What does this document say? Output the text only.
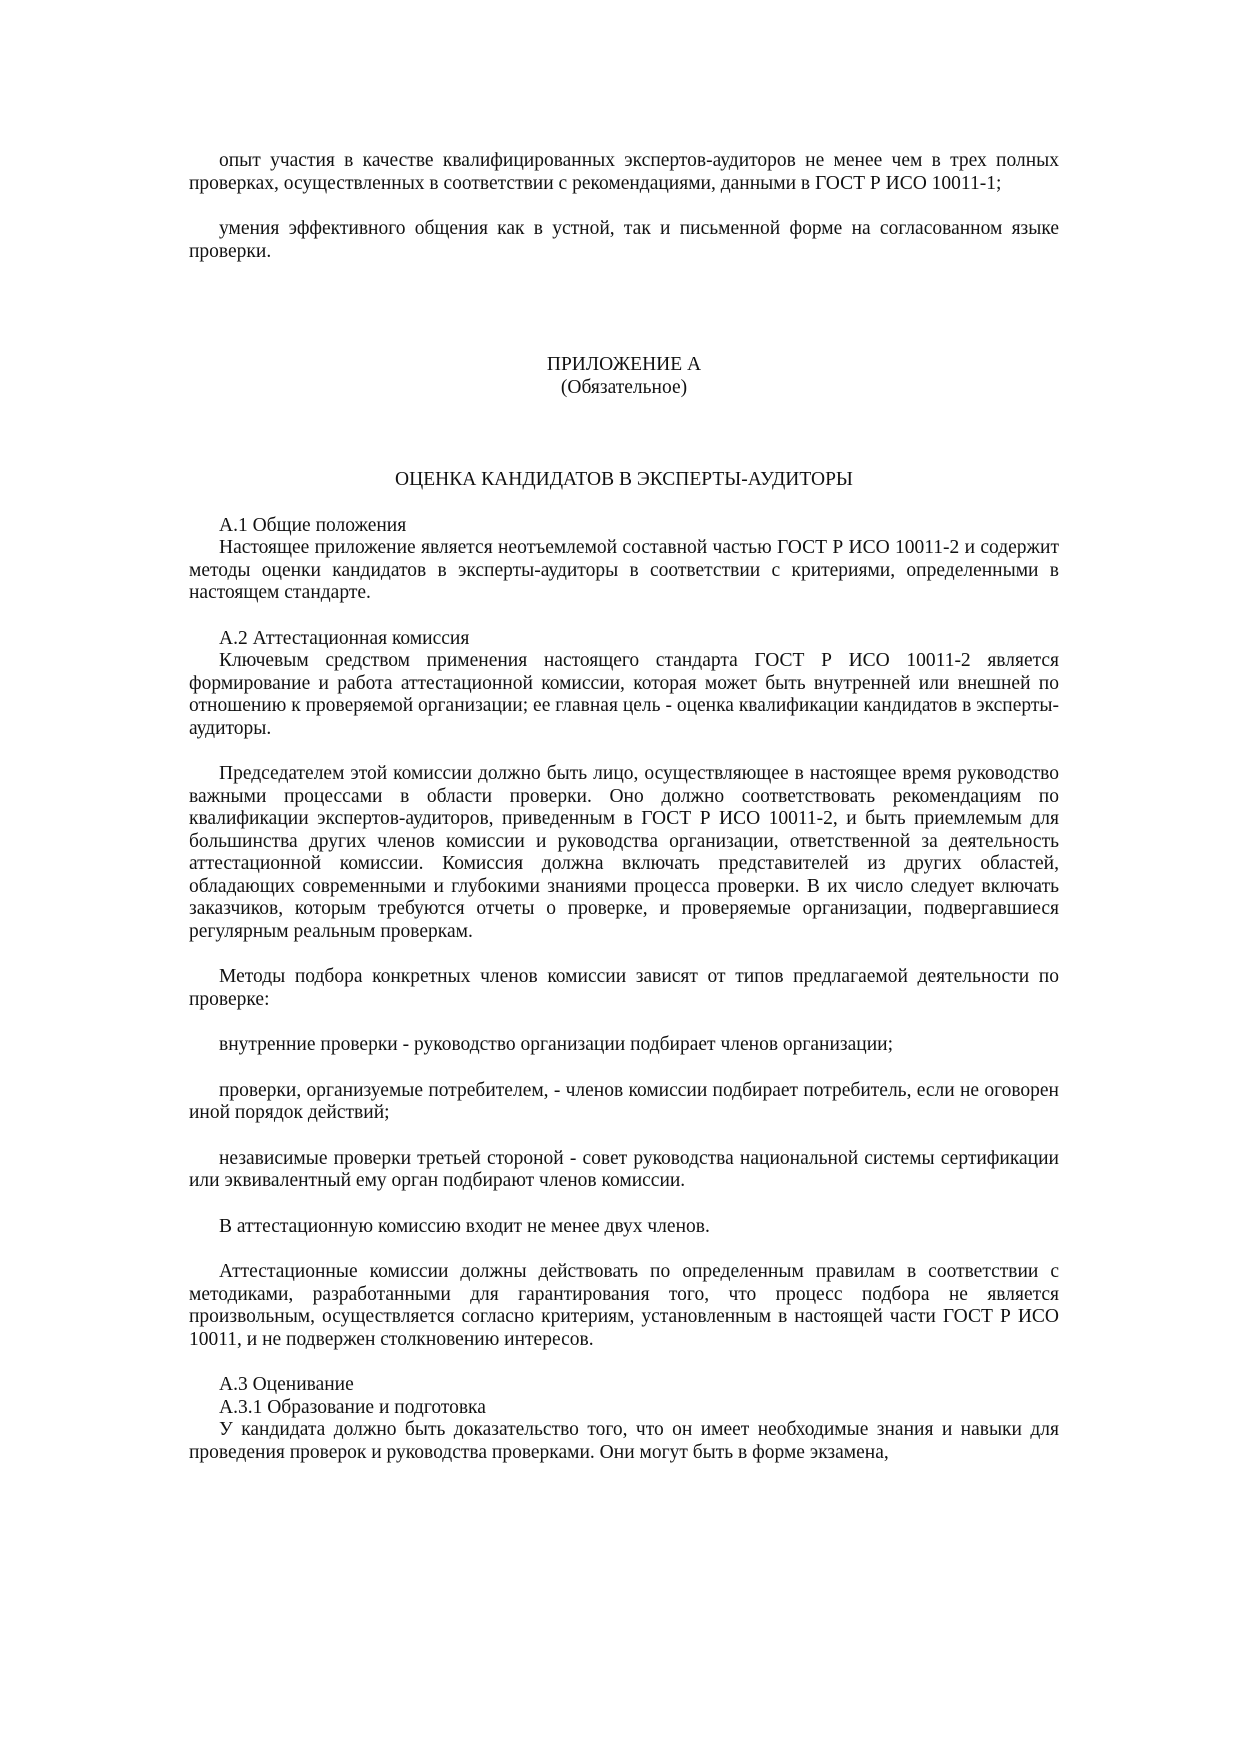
опыт участия в качестве квалифицированных экспертов-аудиторов не менее чем в трех полных проверках, осуществленных в соответствии с рекомендациями, данными в ГОСТ Р ИСО 10011-1;

умения эффективного общения как в устной, так и письменной форме на согласованном языке проверки.

ПРИЛОЖЕНИЕ А

(Обязательное)

ОЦЕНКА КАНДИДАТОВ В ЭКСПЕРТЫ-АУДИТОРЫ

А.1 Общие положения

Настоящее приложение является неотъемлемой составной частью ГОСТ Р ИСО 10011-2 и содержит методы оценки кандидатов в эксперты-аудиторы в соответствии с критериями, определенными в настоящем стандарте.

А.2 Аттестационная комиссия

Ключевым средством применения настоящего стандарта ГОСТ Р ИСО 10011-2 является формирование и работа аттестационной комиссии, которая может быть внутренней или внешней по отношению к проверяемой организации; ее главная цель - оценка квалификации кандидатов в эксперты-аудиторы.

Председателем этой комиссии должно быть лицо, осуществляющее в настоящее время руководство важными процессами в области проверки. Оно должно соответствовать рекомендациям по квалификации экспертов-аудиторов, приведенным в ГОСТ Р ИСО 10011-2, и быть приемлемым для большинства других членов комиссии и руководства организации, ответственной за деятельность аттестационной комиссии. Комиссия должна включать представителей из других областей, обладающих современными и глубокими знаниями процесса проверки. В их число следует включать заказчиков, которым требуются отчеты о проверке, и проверяемые организации, подвергавшиеся регулярным реальным проверкам.

Методы подбора конкретных членов комиссии зависят от типов предлагаемой деятельности по проверке:

внутренние проверки - руководство организации подбирает членов организации;

проверки, организуемые потребителем, - членов комиссии подбирает потребитель, если не оговорен иной порядок действий;

независимые проверки третьей стороной - совет руководства национальной системы сертификации или эквивалентный ему орган подбирают членов комиссии.

В аттестационную комиссию входит не менее двух членов.

Аттестационные комиссии должны действовать по определенным правилам в соответствии с методиками, разработанными для гарантирования того, что процесс подбора не является произвольным, осуществляется согласно критериям, установленным в настоящей части ГОСТ Р ИСО 10011, и не подвержен столкновению интересов.

А.3 Оценивание

А.3.1 Образование и подготовка

У кандидата должно быть доказательство того, что он имеет необходимые знания и навыки для проведения проверок и руководства проверками. Они могут быть в форме экзамена,
